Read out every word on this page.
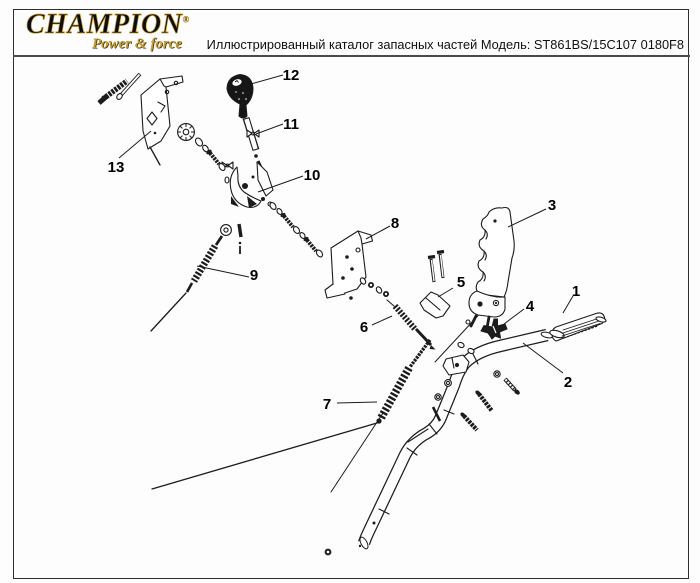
CHAMPION®
Power & force	Иллюстрированный каталог запасных частей Модель: ST861BS/15C107 0180F8
1
2
3
4
5
6
7
8
9
10
11
12
13
